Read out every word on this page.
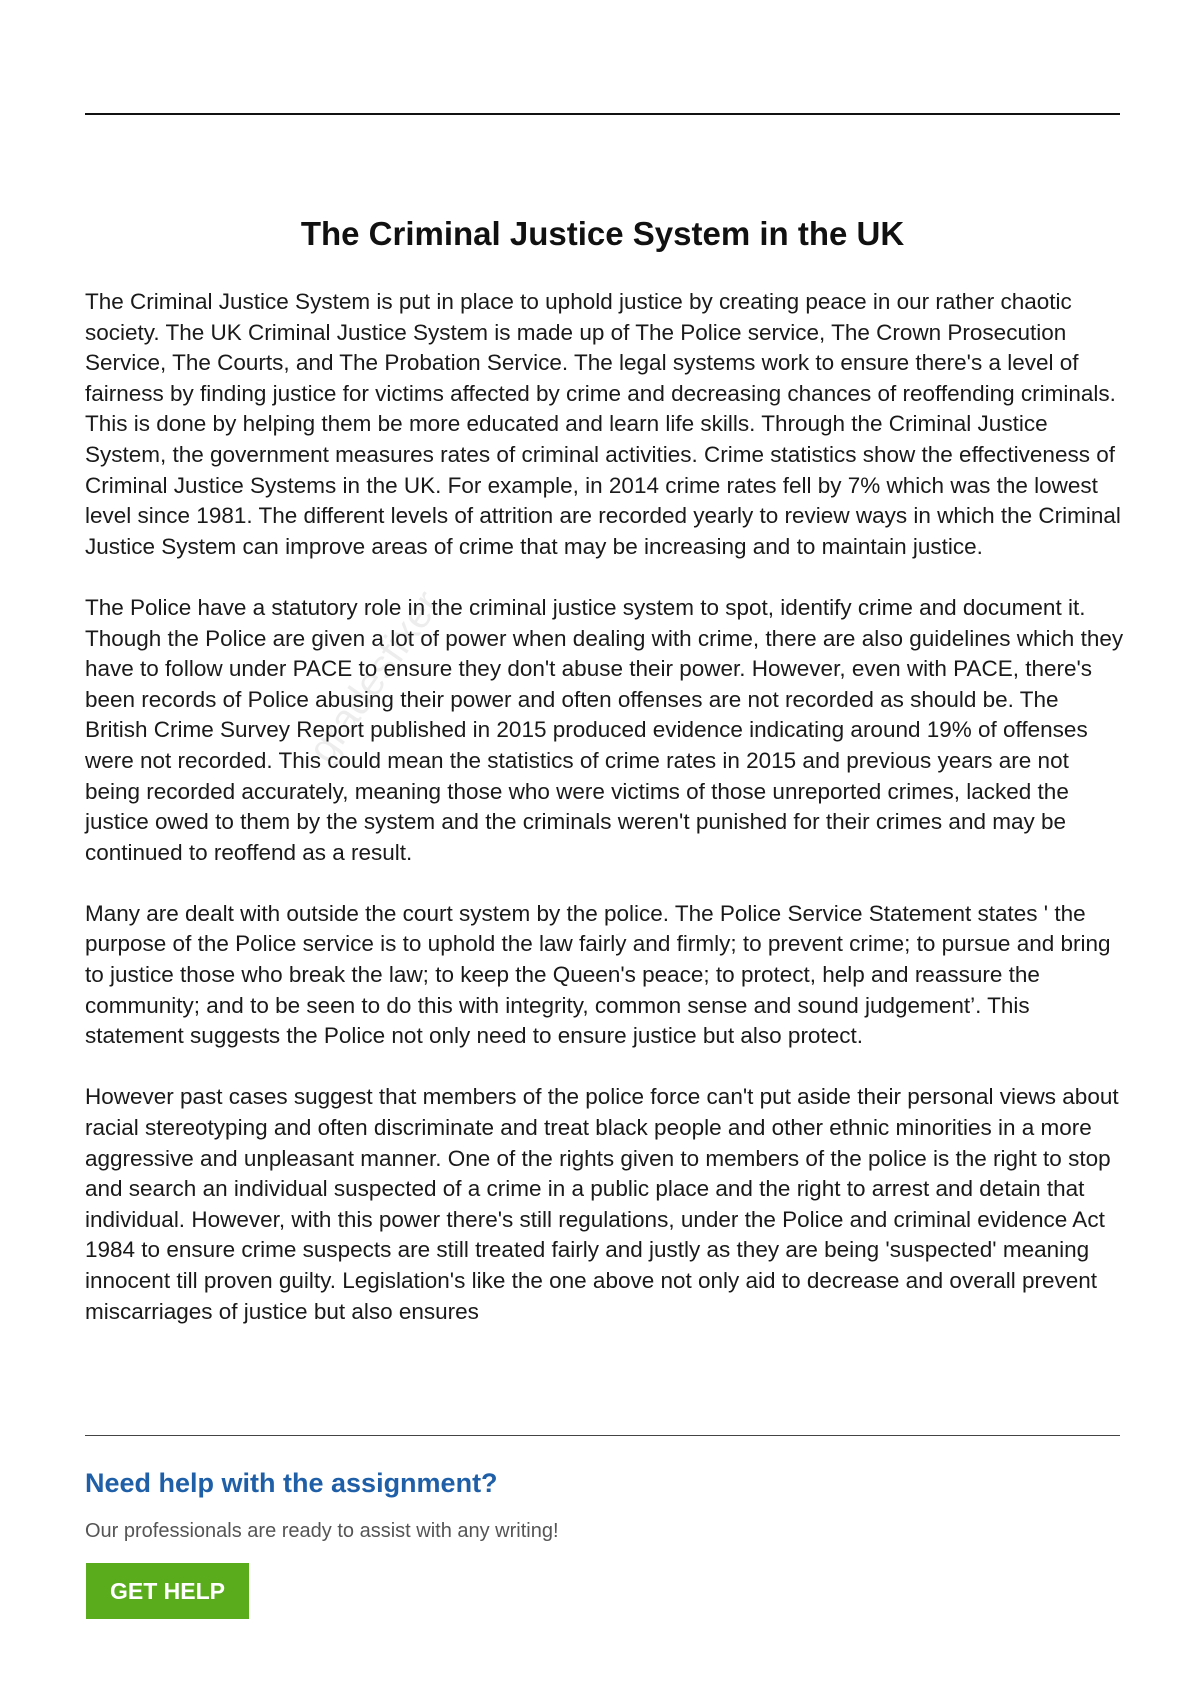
The Criminal Justice System in the UK
gradesfixer

The Criminal Justice System is put in place to uphold justice by creating peace in our rather chaotic society. The UK Criminal Justice System is made up of The Police service, The Crown Prosecution Service, The Courts, and The Probation Service. The legal systems work to ensure there's a level of fairness by finding justice for victims affected by crime and decreasing chances of reoffending criminals. This is done by helping them be more educated and learn life skills. Through the Criminal Justice System, the government measures rates of criminal activities. Crime statistics show the effectiveness of Criminal Justice Systems in the UK. For example, in 2014 crime rates fell by 7% which was the lowest level since 1981. The different levels of attrition are recorded yearly to review ways in which the Criminal Justice System can improve areas of crime that may be increasing and to maintain justice.

The Police have a statutory role in the criminal justice system to spot, identify crime and document it. Though the Police are given a lot of power when dealing with crime, there are also guidelines which they have to follow under PACE to ensure they don't abuse their power. However, even with PACE, there's been records of Police abusing their power and often offenses are not recorded as should be. The British Crime Survey Report published in 2015 produced evidence indicating around 19% of offenses were not recorded. This could mean the statistics of crime rates in 2015 and previous years are not being recorded accurately, meaning those who were victims of those unreported crimes, lacked the justice owed to them by the system and the criminals weren't punished for their crimes and may be continued to reoffend as a result.

Many are dealt with outside the court system by the police. The Police Service Statement states ' the purpose of the Police service is to uphold the law fairly and firmly; to prevent crime; to pursue and bring to justice those who break the law; to keep the Queen's peace; to protect, help and reassure the community; and to be seen to do this with integrity, common sense and sound judgement’. This statement suggests the Police not only need to ensure justice but also protect.

However past cases suggest that members of the police force can't put aside their personal views about racial stereotyping and often discriminate and treat black people and other ethnic minorities in a more aggressive and unpleasant manner. One of the rights given to members of the police is the right to stop and search an individual suspected of a crime in a public place and the right to arrest and detain that individual. However, with this power there's still regulations, under the Police and criminal evidence Act 1984 to ensure crime suspects are still treated fairly and justly as they are being 'suspected' meaning innocent till proven guilty. Legislation's like the one above not only aid to decrease and overall prevent miscarriages of justice but also ensures

Need help with the assignment?
Our professionals are ready to assist with any writing!
GET HELP
